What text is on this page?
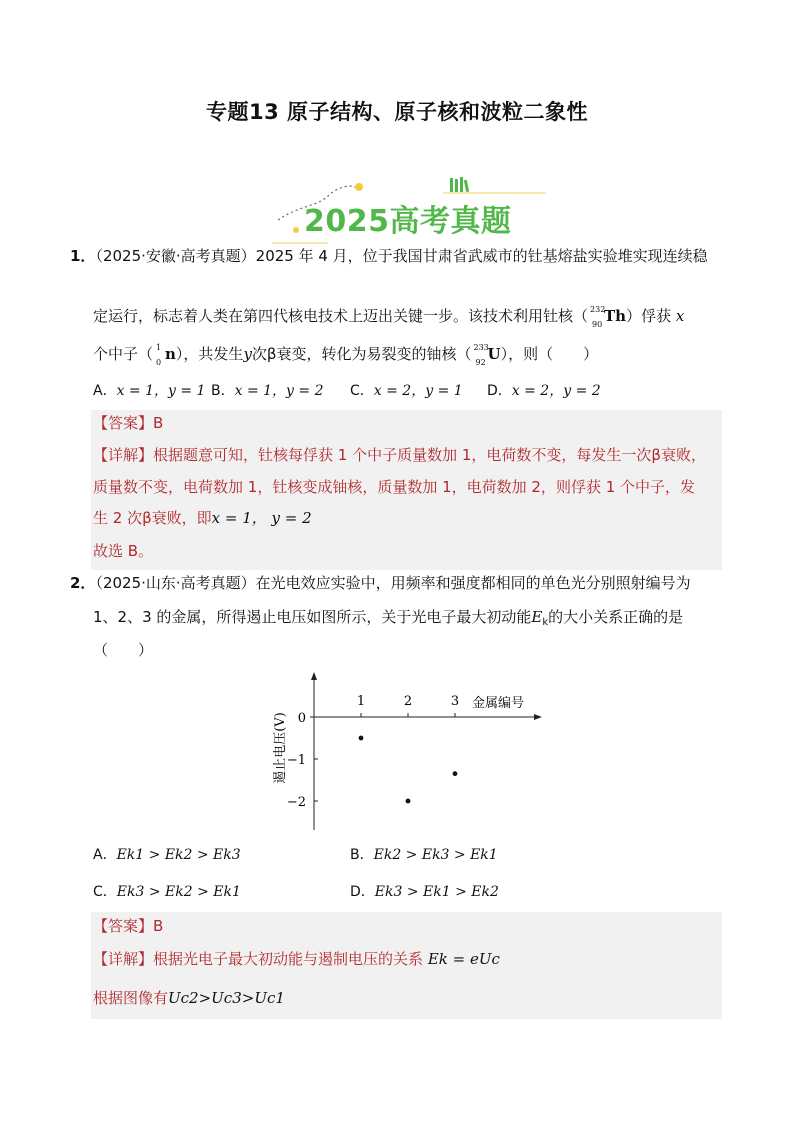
专题13 原子结构、原子核和波粒二象性
2025高考真题
1．（2025·安徽·高考真题）2025 年 4 月，位于我国甘肃省武威市的钍基熔盐实验堆实现连续稳
定运行，标志着人类在第四代核电技术上迈出关键一步。该技术利用钍核（ 232
90 Th）俘获 x
个中子（ 1
0 n），共发生y次β衰变，转化为易裂变的铀核（ 233
92 U），则（　　）
A．x = 1，y = 1 B．x = 1，y = 2 C．x = 2，y = 1 D．x = 2，y = 2
【答案】B
【详解】根据题意可知，钍核每俘获 1 个中子质量数加 1，电荷数不变，每发生一次β衰败，
质量数不变，电荷数加 1，钍核变成铀核，质量数加 1，电荷数加 2，则俘获 1 个中子，发
生 2 次β衰败，即x = 1， y = 2
故选 B。
2．（2025·山东·高考真题）在光电效应实验中，用频率和强度都相同的单色光分别照射编号为
1、2、3 的金属，所得遏止电压如图所示，关于光电子最大初动能$E_k$的大小关系正确的是
（　　）
金属编号
遏止电压(V)
1	2	3
0
−1
−2
A．Ek1 > Ek2 > Ek3	B．Ek2 > Ek3 > Ek1
C．Ek3 > Ek2 > Ek1	D．Ek3 > Ek1 > Ek2
【答案】B
【详解】根据光电子最大初动能与遏制电压的关系 Ek = eUc
根据图像有Uc2>Uc3>Uc1
